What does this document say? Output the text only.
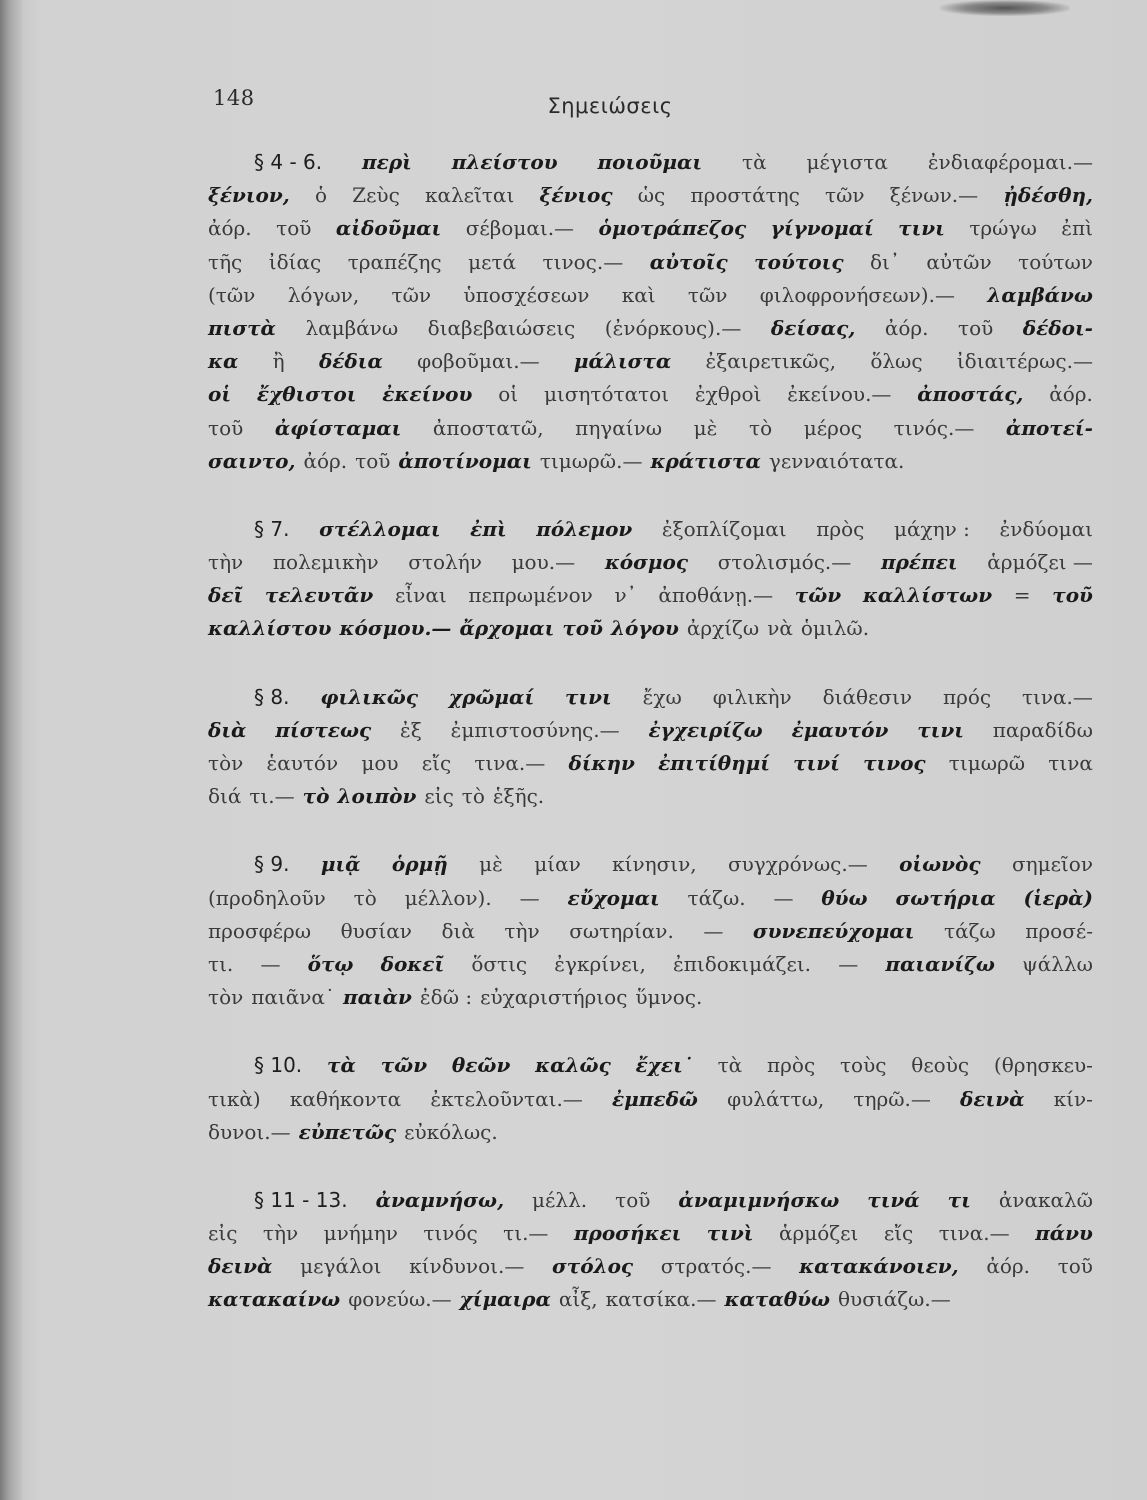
148	Σημειώσεις
§ 4 - 6. περὶ πλείστου ποιοῦμαι τὰ μέγιστα ἐνδιαφέρομαι.—
ξένιον, ὁ Ζεὺς καλεῖται ξένιος ὡς προστάτης τῶν ξένων.— ᾐδέσθη,
ἀόρ. τοῦ αἰδοῦμαι σέβομαι.— ὁμοτράπεζος γίγνομαί τινι τρώγω ἐπὶ
τῆς ἰδίας τραπέζης μετά τινος.— αὐτοῖς τούτοις δι᾽ αὐτῶν τούτων
(τῶν λόγων, τῶν ὑποσχέσεων καὶ τῶν φιλοφρονήσεων).— λαμβάνω
πιστὰ λαμβάνω διαβεβαιώσεις (ἐνόρκους).— δείσας, ἀόρ. τοῦ δέδοι-
κα ἢ δέδια φοβοῦμαι.— μάλιστα ἐξαιρετικῶς, ὅλως ἰδιαιτέρως.—
οἱ ἔχθιστοι ἐκείνου οἱ μισητότατοι ἐχθροὶ ἐκείνου.— ἀποστάς, ἀόρ.
τοῦ ἀφίσταμαι ἀποστατῶ, πηγαίνω μὲ τὸ μέρος τινός.— ἀποτεί-
σαιντο, ἀόρ. τοῦ ἀποτίνομαι τιμωρῶ.— κράτιστα γενναιότατα.
§ 7. στέλλομαι ἐπὶ πόλεμον ἐξοπλίζομαι πρὸς μάχην : ἐνδύομαι
τὴν πολεμικὴν στολήν μου.— κόσμος στολισμός.— πρέπει ἁρμόζει —
δεῖ τελευτᾶν εἶναι πεπρωμένον ν᾽ ἀποθάνῃ.— τῶν καλλίστων = τοῦ
καλλίστου κόσμου.— ἄρχομαι τοῦ λόγου ἀρχίζω νὰ ὁμιλῶ.
§ 8. φιλικῶς χρῶμαί τινι ἔχω φιλικὴν διάθεσιν πρός τινα.—
διὰ πίστεως ἐξ ἐμπιστοσύνης.— ἐγχειρίζω ἐμαυτόν τινι παραδίδω
τὸν ἑαυτόν μου εἴς τινα.— δίκην ἐπιτίθημί τινί τινος τιμωρῶ τινα
διά τι.— τὸ λοιπὸν εἰς τὸ ἑξῆς.
§ 9. μιᾷ ὁρμῇ μὲ μίαν κίνησιν, συγχρόνως.— οἰωνὸς σημεῖον
(προδηλοῦν τὸ μέλλον). — εὔχομαι τάζω. — θύω σωτήρια (ἱερὰ)
προσφέρω θυσίαν διὰ τὴν σωτηρίαν. — συνεπεύχομαι τάζω προσέ-
τι. — ὅτῳ δοκεῖ ὅστις ἐγκρίνει, ἐπιδοκιμάζει. — παιανίζω ψάλλω
τὸν παιᾶνα˙ παιὰν ἐδῶ : εὐχαριστήριος ὕμνος.
§ 10. τὰ τῶν θεῶν καλῶς ἔχει˙ τὰ πρὸς τοὺς θεοὺς (θρησκευ-
τικὰ) καθήκοντα ἐκτελοῦνται.— ἐμπεδῶ φυλάττω, τηρῶ.— δεινὰ κίν-
δυνοι.— εὐπετῶς εὐκόλως.
§ 11 - 13. ἀναμνήσω, μέλλ. τοῦ ἀναμιμνήσκω τινά τι ἀνακαλῶ
εἰς τὴν μνήμην τινός τι.— προσήκει τινὶ ἁρμόζει εἴς τινα.— πάνυ
δεινὰ μεγάλοι κίνδυνοι.— στόλος στρατός.— κατακάνοιεν, ἀόρ. τοῦ
κατακαίνω φονεύω.— χίμαιρα αἶξ, κατσίκα.— καταθύω θυσιάζω.—
